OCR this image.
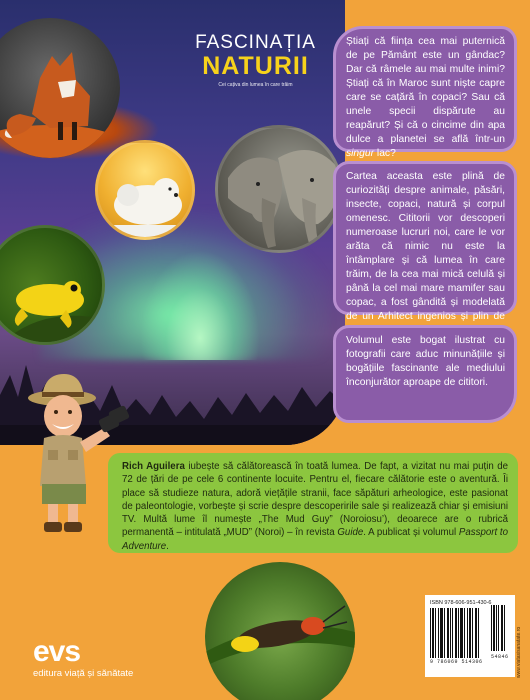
FASCINAȚIA
NATURII
Cei cațiva din lumea în care trăim
Știați că ființa cea mai puternică de pe Pământ este un gândac? Dar că râmele au mai multe inimi? Știați că în Maroc sunt niște capre care se cațără în copaci? Sau că unele specii dispărute au reapărut? Și că o cincime din apa dulce a planetei se află într-un singur lac?
Cartea aceasta este plină de curiozități despre animale, păsări, insecte, copaci, natură și corpul omenesc. Cititorii vor descoperi numeroase lucruri noi, care le vor arăta că nimic nu este la întâmplare și că lumea în care trăim, de la cea mai mică celulă și până la cel mai mare mamifer sau copac, a fost gândită și modelată de un Arhitect ingenios și plin de
Volumul este bogat ilustrat cu fotografii care aduc minunățiile și bogățiile fascinante ale mediului înconjurător aproape de cititori.
Rich Aguilera iubește să călătorească în toată lumea. De fapt, a vizitat nu mai puțin de 72 de țări de pe cele 6 continente locuite. Pentru el, fiecare călătorie este o aventură. Îi place să studieze natura, adoră viețățile stranii, face săpături arheologice, este pasionat de paleontologie, vorbește și scrie despre descoperirile sale și realizează chiar și emisiuni TV. Multă lume îl numește „The Mud Guy” (Noroiosu’), deoarece are o rubrică permanentă – intitulată „MUD” (Noroi) – în revista Guide. A publicat și volumul Passport to Adventure.
ISBN 978-606-951-430-6
9 786069 514306
54846 www.viatasisanatate.ro
evs
editura viață și sănătate
